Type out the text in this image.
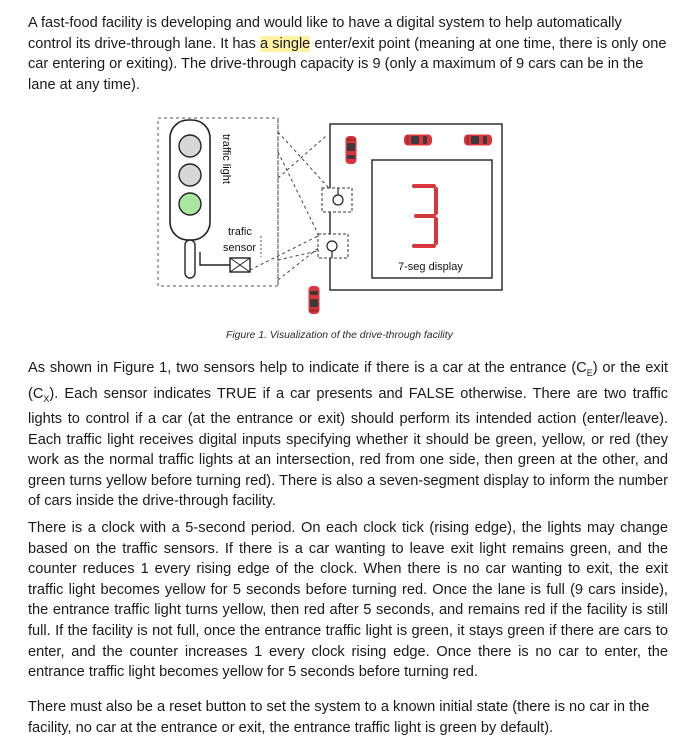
A fast-food facility is developing and would like to have a digital system to help automatically control its drive-through lane. It has a single enter/exit point (meaning at one time, there is only one car entering or exiting). The drive-through capacity is 9 (only a maximum of 9 cars can be in the lane at any time).

traffic light
trafic
sensor
7-seg display

Figure 1. Visualization of the drive-through facility

As shown in Figure 1, two sensors help to indicate if there is a car at the entrance $(C_E)$ or the exit $(C_X)$. Each sensor indicates TRUE if a car presents and FALSE otherwise. There are two traffic lights to control if a car (at the entrance or exit) should perform its intended action (enter/leave). Each traffic light receives digital inputs specifying whether it should be green, yellow, or red (they work as the normal traffic lights at an intersection, red from one side, then green at the other, and green turns yellow before turning red). There is also a seven-segment display to inform the number of cars inside the drive-through facility.

There is a clock with a 5-second period. On each clock tick (rising edge), the lights may change based on the traffic sensors. If there is a car wanting to leave exit light remains green, and the counter reduces 1 every rising edge of the clock. When there is no car wanting to exit, the exit traffic light becomes yellow for 5 seconds before turning red. Once the lane is full (9 cars inside), the entrance traffic light turns yellow, then red after 5 seconds, and remains red if the facility is still full. If the facility is not full, once the entrance traffic light is green, it stays green if there are cars to enter, and the counter increases 1 every clock rising edge. Once there is no car to enter, the entrance traffic light becomes yellow for 5 seconds before turning red.

There must also be a reset button to set the system to a known initial state (there is no car in the facility, no car at the entrance or exit, the entrance traffic light is green by default).
